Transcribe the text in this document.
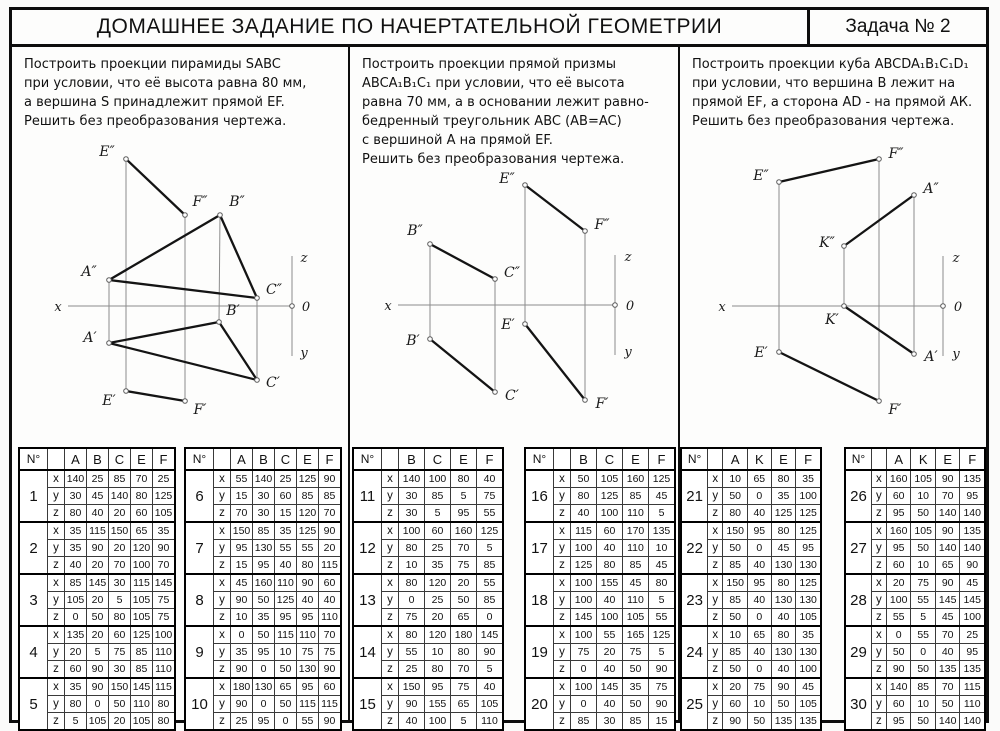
ДОМАШНЕЕ ЗАДАНИЕ ПО НАЧЕРТАТЕЛЬНОЙ ГЕОМЕТРИИ	Задача № 2
Построить проекции пирамиды SABC
при условии, что её высота равна 80 мм,
а вершина S принадлежит прямой EF.
Решить без преобразования чертежа.
E″
F″ B″
A″
C″
B′
A′
C′
E′
F′
x
z
0
y
N°		A	B	C	E	F
1	x	140	25	85	70	25
	y	30	45	140	80	125
	z	80	40	20	60	105
2	x	35	115	150	65	35
	y	35	90	20	120	90
	z	40	20	70	100	70
3	x	85	145	30	115	145
	y	105	20	5	105	75
	z	0	50	80	105	75
4	x	135	20	60	125	100
	y	20	5	75	85	110
	z	60	90	30	85	110
5	x	35	90	150	145	115
	y	80	0	50	110	80
	z	5	105	20	105	80
N°		A	B	C	E	F
6	x	55	140	25	125	90
	y	15	30	60	85	85
	z	70	30	15	120	70
7	x	150	85	35	125	90
	y	95	130	55	55	20
	z	15	95	40	80	115
8	x	45	160	110	90	60
	y	90	50	125	40	40
	z	10	35	95	95	110
9	x	0	50	115	110	70
	y	35	95	10	75	75
	z	90	0	50	130	90
10	x	180	130	65	95	60
	y	90	0	50	115	115
	z	25	95	0	55	90
Построить проекции прямой призмы
ABCA₁B₁C₁ при условии, что её высота
равна 70 мм, а в основании лежит равно-
бедренный треугольник ABC (AB=AC)
с вершиной A на прямой EF.
Решить без преобразования чертежа.
E″
F″
B″
C″
E′
B′
C′	F′
x
z
0
y
N°		B	C	E	F
11	x	140	100	80	40
	y	30	85	5	75
	z	30	5	95	55
12	x	100	60	160	125
	y	80	25	70	5
	z	10	35	75	85
13	x	80	120	20	55
	y	0	25	50	85
	z	75	20	65	0
14	x	80	120	180	145
	y	55	10	80	90
	z	25	80	70	5
15	x	150	95	75	40
	y	90	155	65	105
	z	40	100	5	110
N°		B	C	E	F
16	x	50	105	160	125
	y	80	125	85	45
	z	40	100	110	5
17	x	115	60	170	135
	y	100	40	110	10
	z	125	80	85	45
18	x	100	155	45	80
	y	100	40	110	5
	z	145	100	105	55
19	x	100	55	165	125
	y	75	20	75	5
	z	0	40	50	90
20	x	100	145	35	75
	y	0	40	50	90
	z	85	30	85	15
Построить проекции куба ABCDA₁B₁C₁D₁
при условии, что вершина B лежит на
прямой EF, а сторона AD - на прямой АК.
Решить без преобразования чертежа.
F″
E″
A″
K″
K′
E′	A′
F′
x
z
0
y
N°		A	K	E	F
21	x	10	65	80	35
	y	50	0	35	100
	z	80	40	125	125
22	x	150	95	80	125
	y	50	0	45	95
	z	85	40	130	130
23	x	150	95	80	125
	y	85	40	130	130
	z	50	0	40	105
24	x	10	65	80	35
	y	85	40	130	130
	z	50	0	40	100
25	x	20	75	90	45
	y	60	10	50	105
	z	90	50	135	135
N°		A	K	E	F
26	x	160	105	90	135
	y	60	10	70	95
	z	95	50	140	140
27	x	160	105	90	135
	y	95	50	140	140
	z	60	10	65	90
28	x	20	75	90	45
	y	100	55	145	145
	z	55	5	45	100
29	x	0	55	70	25
	y	50	0	40	95
	z	90	50	135	135
30	x	140	85	70	115
	y	60	10	50	110
	z	95	50	140	140
